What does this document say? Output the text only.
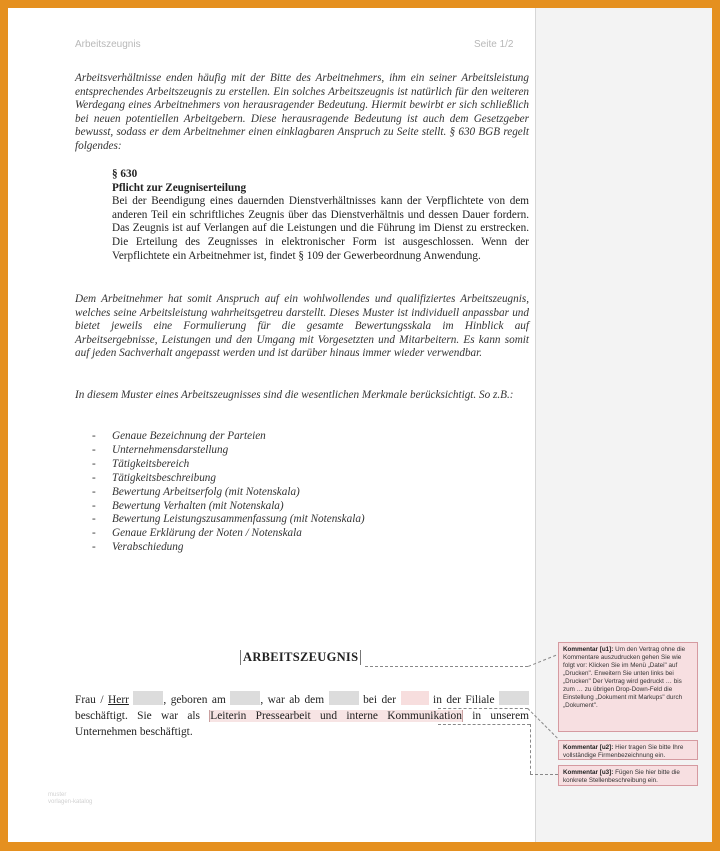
Arbeitszeugnis	Seite 1/2
Arbeitsverhältnisse enden häufig mit der Bitte des Arbeitnehmers, ihm ein seiner Arbeitsleistung entsprechendes Arbeitszeugnis zu erstellen. Ein solches Arbeitszeugnis ist natürlich für den weiteren Werdegang eines Arbeitnehmers von herausragender Bedeutung. Hiermit bewirbt er sich schließlich bei neuen potentiellen Arbeitgebern. Diese herausragende Bedeutung ist auch dem Gesetzgeber bewusst, sodass er dem Arbeitnehmer einen einklagbaren Anspruch zu Seite stellt. § 630 BGB regelt folgendes:
§ 630
Pflicht zur Zeugniserteilung
Bei der Beendigung eines dauernden Dienstverhältnisses kann der Verpflichtete von dem anderen Teil ein schriftliches Zeugnis über das Dienstverhältnis und dessen Dauer fordern. Das Zeugnis ist auf Verlangen auf die Leistungen und die Führung im Dienst zu erstrecken. Die Erteilung des Zeugnisses in elektronischer Form ist ausgeschlossen. Wenn der Verpflichtete ein Arbeitnehmer ist, findet § 109 der Gewerbeordnung Anwendung.
Dem Arbeitnehmer hat somit Anspruch auf ein wohlwollendes und qualifiziertes Arbeitszeugnis, welches seine Arbeitsleistung wahrheitsgetreu darstellt. Dieses Muster ist individuell anpassbar und bietet jeweils eine Formulierung für die gesamte Bewertungsskala im Hinblick auf Arbeitsergebnisse, Leistungen und den Umgang mit Vorgesetzten und Mitarbeitern. Es kann somit auf jeden Sachverhalt angepasst werden und ist darüber hinaus immer wieder verwendbar.
In diesem Muster eines Arbeitszeugnisses sind die wesentlichen Merkmale berücksichtigt. So z.B.:
- Genaue Bezeichnung der Parteien
- Unternehmensdarstellung
- Tätigkeitsbereich
- Tätigkeitsbeschreibung
- Bewertung Arbeitserfolg (mit Notenskala)
- Bewertung Verhalten (mit Notenskala)
- Bewertung Leistungszusammenfassung (mit Notenskala)
- Genaue Erklärung der Noten / Notenskala
- Verabschiedung
ARBEITSZEUGNIS
Frau / Herr	, geboren am	, war ab dem	bei der	in der Filiale  beschäftigt. Sie war als Leiterin Pressearbeit und interne Kommunikation in unserem Unternehmen beschäftigt.
Kommentar [u1]: Um den Vertrag ohne die Kommentare auszudrucken gehen Sie wie folgt vor: Klicken Sie im Menü „Datei" auf „Drucken". Erweitern Sie unten links bei „Drucken" Der Vertrag wird gedruckt … bis zum … zu übrigen Drop-Down-Feld die Einstellung „Dokument mit Markups" durch „Dokument".
Kommentar [u2]: Hier tragen Sie bitte Ihre vollständige Firmenbezeichnung ein.
Kommentar [u3]: Fügen Sie hier bitte die konkrete Stellenbeschreibung ein.
muster
vorlagen-katalog
